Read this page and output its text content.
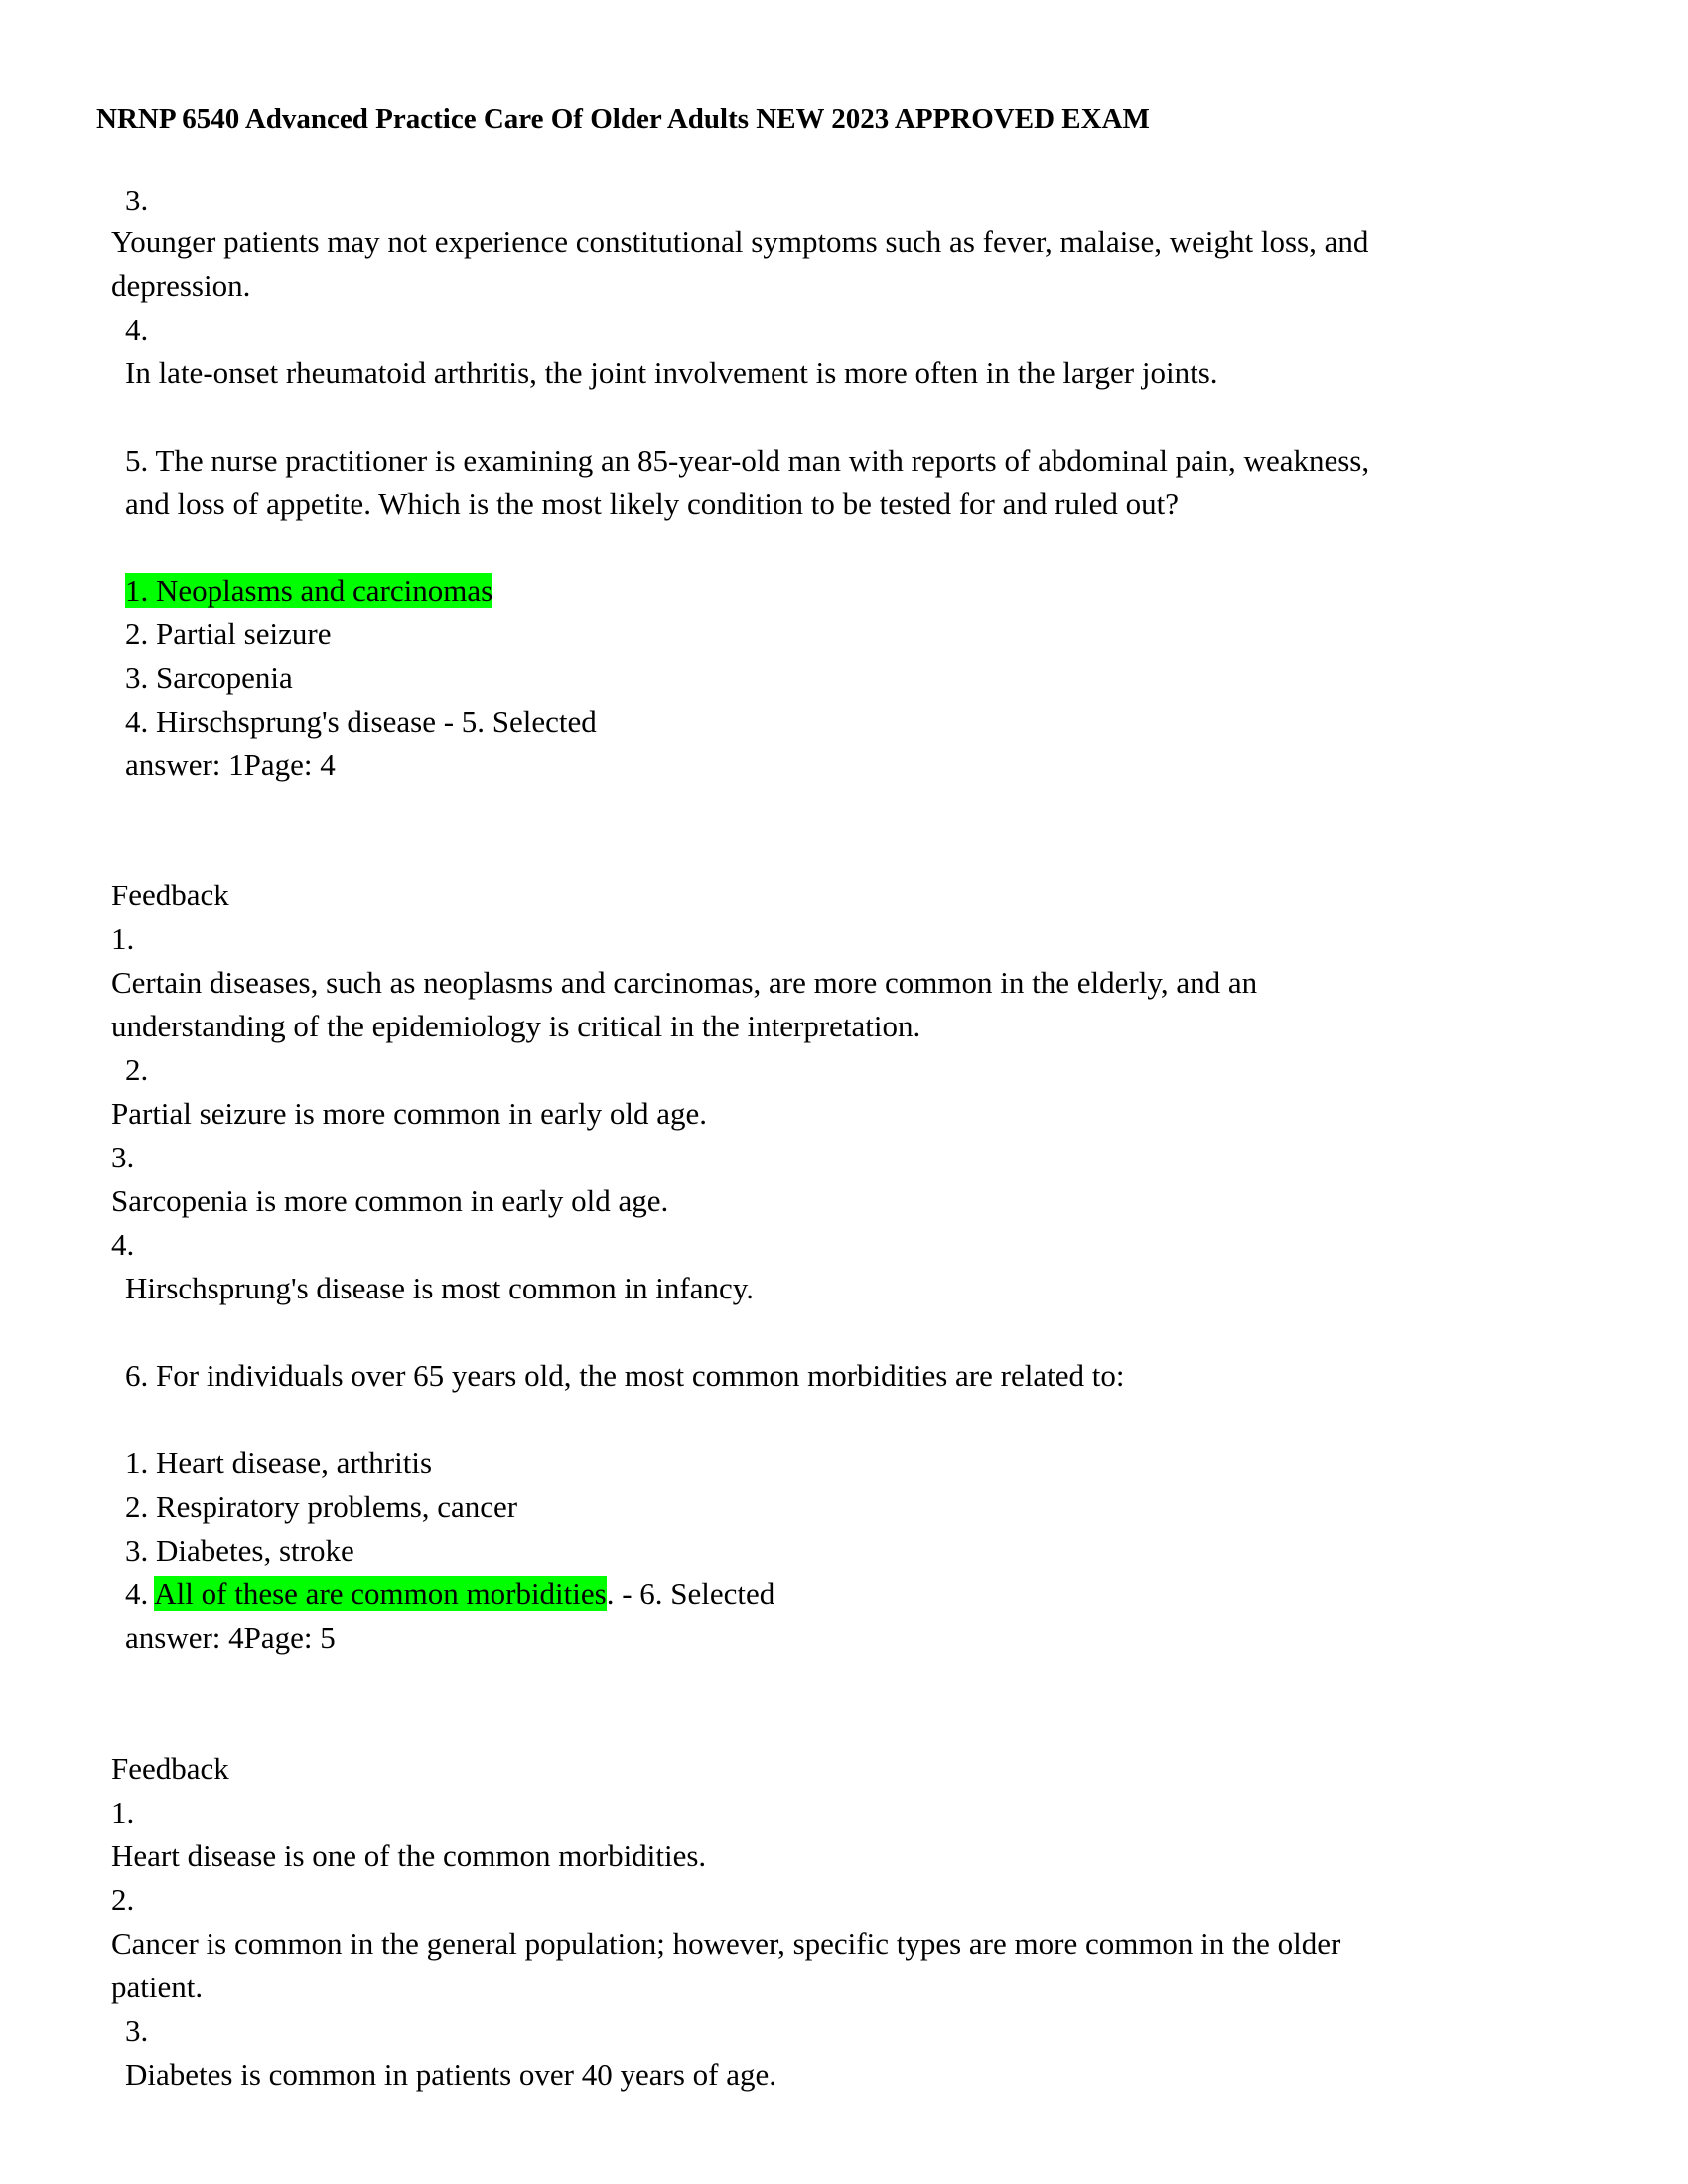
NRNP 6540 Advanced Practice Care Of Older Adults NEW 2023 APPROVED EXAM
3.
Younger patients may not experience constitutional symptoms such as fever, malaise, weight loss, and
depression.
4.
In late-onset rheumatoid arthritis, the joint involvement is more often in the larger joints.
5. The nurse practitioner is examining an 85-year-old man with reports of abdominal pain, weakness,
and loss of appetite. Which is the most likely condition to be tested for and ruled out?
1. Neoplasms and carcinomas
2. Partial seizure
3. Sarcopenia
4. Hirschsprung's disease - 5. Selected
answer: 1Page: 4
Feedback
1.
Certain diseases, such as neoplasms and carcinomas, are more common in the elderly, and an
understanding of the epidemiology is critical in the interpretation.
2.
Partial seizure is more common in early old age.
3.
Sarcopenia is more common in early old age.
4.
Hirschsprung's disease is most common in infancy.
6. For individuals over 65 years old, the most common morbidities are related to:
1. Heart disease, arthritis
2. Respiratory problems, cancer
3. Diabetes, stroke
4. All of these are common morbidities. - 6. Selected
answer: 4Page: 5
Feedback
1.
Heart disease is one of the common morbidities.
2.
Cancer is common in the general population; however, specific types are more common in the older
patient.
3.
Diabetes is common in patients over 40 years of age.
